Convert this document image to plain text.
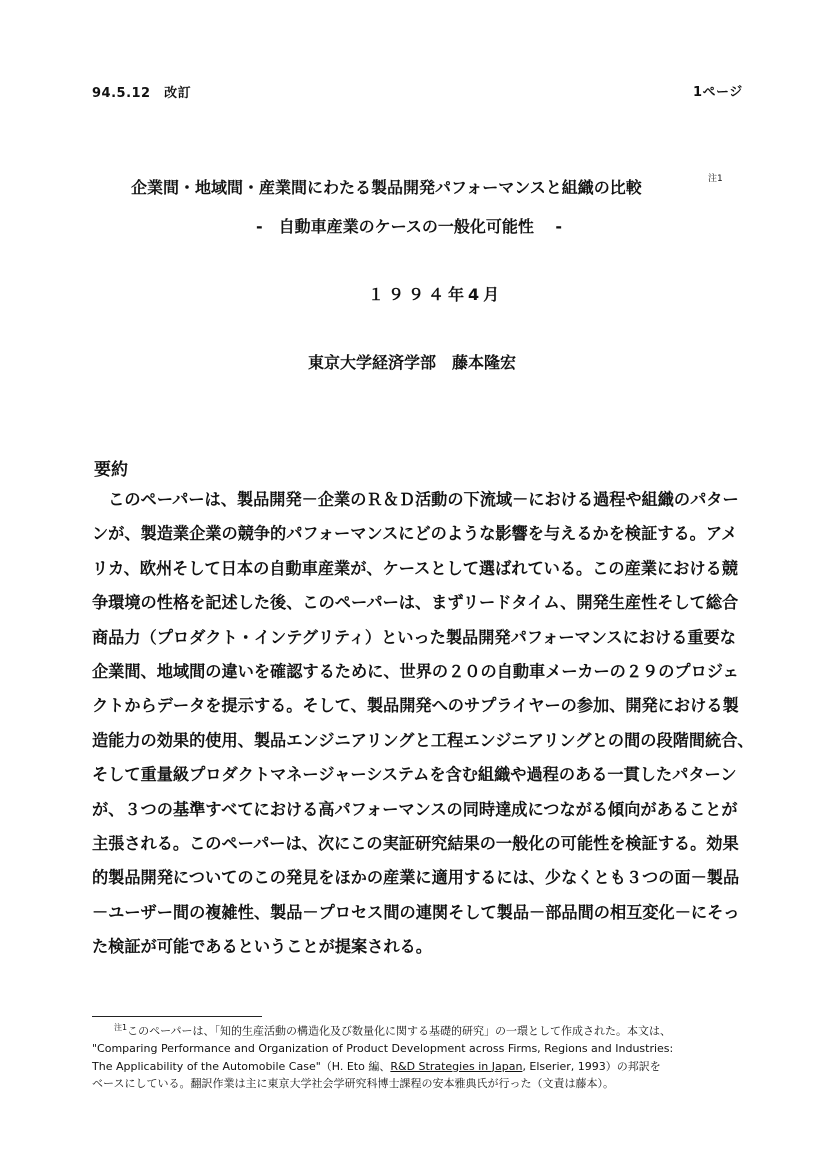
94.5.12　改訂	1ページ
企業間・地域間・産業間にわたる製品開発パフォーマンスと組織の比較	注1
-　自動車産業のケースの一般化可能性　 -
１９９４年4月
東京大学経済学部　藤本隆宏
要約
　このペーパーは、製品開発－企業のＲ＆Ｄ活動の下流域－における過程や組織のパター
ンが、製造業企業の競争的パフォーマンスにどのような影響を与えるかを検証する。アメ
リカ、欧州そして日本の自動車産業が、ケースとして選ばれている。この産業における競
争環境の性格を記述した後、このペーパーは、まずリードタイム、開発生産性そして総合
商品力（プロダクト・インテグリティ）といった製品開発パフォーマンスにおける重要な
企業間、地域間の違いを確認するために、世界の２０の自動車メーカーの２９のプロジェ
クトからデータを提示する。そして、製品開発へのサプライヤーの参加、開発における製
造能力の効果的使用、製品エンジニアリングと工程エンジニアリングとの間の段階間統合、
そして重量級プロダクトマネージャーシステムを含む組織や過程のある一貫したパターン
が、３つの基準すべてにおける高パフォーマンスの同時達成につながる傾向があることが
主張される。このペーパーは、次にこの実証研究結果の一般化の可能性を検証する。効果
的製品開発についてのこの発見をほかの産業に適用するには、少なくとも３つの面－製品
－ユーザー間の複雑性、製品－プロセス間の連関そして製品－部品間の相互変化－にそっ
た検証が可能であるということが提案される。
　　$^{注1}$このペーパーは、「知的生産活動の構造化及び数量化に関する基礎的研究」の一環として作成された。本文は、
"Comparing Performance and Organization of Product Development across Firms, Regions and Industries:
The Applicability of the Automobile Case"（H. Eto 編、R&D Strategies in Japan, Elserier, 1993）の邦訳を
ベースにしている。翻訳作業は主に東京大学社会学研究科博士課程の安本雅典氏が行った（文責は藤本）。
